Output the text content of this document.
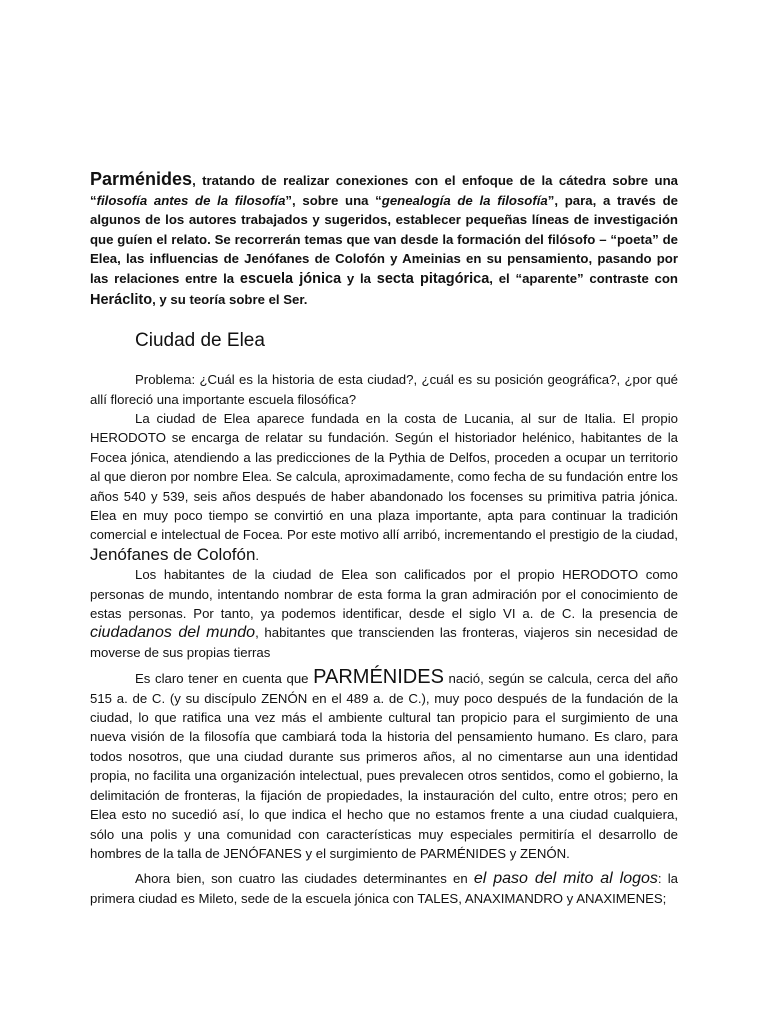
Parménides, tratando de realizar conexiones con el enfoque de la cátedra sobre una “filosofía antes de la filosofía”, sobre una “genealogía de la filosofía”, para, a través de algunos de los autores trabajados y sugeridos, establecer pequeñas líneas de investigación que guíen el relato. Se recorrerán temas que van desde la formación del filósofo – “poeta” de Elea, las influencias de Jenófanes de Colofón y Ameinias en su pensamiento, pasando por las relaciones entre la escuela jónica y la secta pitagórica, el “aparente” contraste con Heráclito, y su teoría sobre el Ser.

Ciudad de Elea

Problema: ¿Cuál es la historia de esta ciudad?, ¿cuál es su posición geográfica?, ¿por qué allí floreció una importante escuela filosófica?

La ciudad de Elea aparece fundada en la costa de Lucania, al sur de Italia. El propio HERODOTO se encarga de relatar su fundación. Según el historiador helénico, habitantes de la Focea jónica, atendiendo a las predicciones de la Pythia de Delfos, proceden a ocupar un territorio al que dieron por nombre Elea. Se calcula, aproximadamente, como fecha de su fundación entre los años 540 y 539, seis años después de haber abandonado los focenses su primitiva patria jónica. Elea en muy poco tiempo se convirtió en una plaza importante, apta para continuar la tradición comercial e intelectual de Focea. Por este motivo allí arribó, incrementando el prestigio de la ciudad, Jenófanes de Colofón.

Los habitantes de la ciudad de Elea son calificados por el propio HERODOTO como personas de mundo, intentando nombrar de esta forma la gran admiración por el conocimiento de estas personas. Por tanto, ya podemos identificar, desde el siglo VI a. de C. la presencia de ciudadanos del mundo, habitantes que transcienden las fronteras, viajeros sin necesidad de moverse de sus propias tierras

Es claro tener en cuenta que PARMÉNIDES nació, según se calcula, cerca del año 515 a. de C. (y su discípulo ZENÓN en el 489 a. de C.), muy poco después de la fundación de la ciudad, lo que ratifica una vez más el ambiente cultural tan propicio para el surgimiento de una nueva visión de la filosofía que cambiará toda la historia del pensamiento humano. Es claro, para todos nosotros, que una ciudad durante sus primeros años, al no cimentarse aun una identidad propia, no facilita una organización intelectual, pues prevalecen otros sentidos, como el gobierno, la delimitación de fronteras, la fijación de propiedades, la instauración del culto, entre otros; pero en Elea esto no sucedió así, lo que indica el hecho que no estamos frente a una ciudad cualquiera, sólo una polis y una comunidad con características muy especiales permitiría el desarrollo de hombres de la talla de JENÓFANES y el surgimiento de PARMÉNIDES y ZENÓN.

Ahora bien, son cuatro las ciudades determinantes en el paso del mito al logos: la primera ciudad es Mileto, sede de la escuela jónica con TALES, ANAXIMANDRO y ANAXIMENES;
